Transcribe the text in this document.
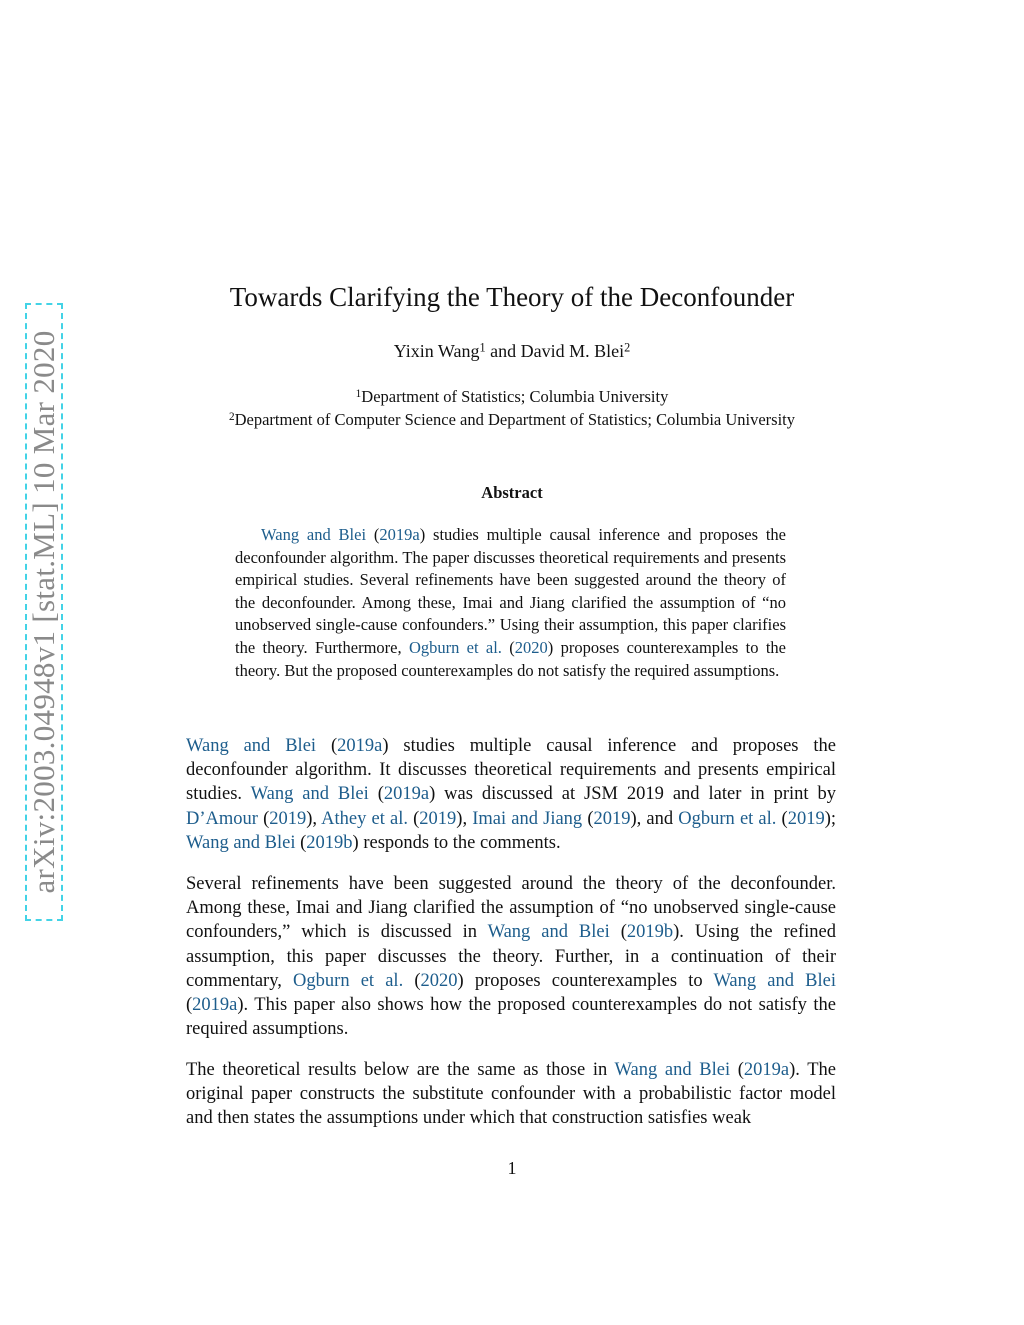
arXiv:2003.04948v1 [stat.ML] 10 Mar 2020
Towards Clarifying the Theory of the Deconfounder
Yixin Wang$^1$ and David M. Blei$^2$
$^1$Department of Statistics; Columbia University
$^2$Department of Computer Science and Department of Statistics; Columbia University
Abstract

Wang and Blei (2019a) studies multiple causal inference and proposes the deconfounder algorithm. The paper discusses theoretical requirements and presents empirical studies. Several refinements have been suggested around the theory of the deconfounder. Among these, Imai and Jiang clarified the assumption of “no unobserved single-cause confounders.” Using their assumption, this paper clarifies the theory. Furthermore, Ogburn et al. (2020) proposes counterexamples to the theory. But the proposed counterexamples do not satisfy the required assumptions.

Wang and Blei (2019a) studies multiple causal inference and proposes the deconfounder algorithm. It discusses theoretical requirements and presents empirical studies. Wang and Blei (2019a) was discussed at JSM 2019 and later in print by D’Amour (2019), Athey et al. (2019), Imai and Jiang (2019), and Ogburn et al. (2019); Wang and Blei (2019b) responds to the comments.

Several refinements have been suggested around the theory of the deconfounder. Among these, Imai and Jiang clarified the assumption of “no unobserved single-cause confounders,” which is discussed in Wang and Blei (2019b). Using the refined assumption, this paper discusses the theory. Further, in a continuation of their commentary, Ogburn et al. (2020) proposes counterexamples to Wang and Blei (2019a). This paper also shows how the proposed counterexamples do not satisfy the required assumptions.

The theoretical results below are the same as those in Wang and Blei (2019a). The original paper constructs the substitute confounder with a probabilistic factor model and then states the assumptions under which that construction satisfies weak

1
